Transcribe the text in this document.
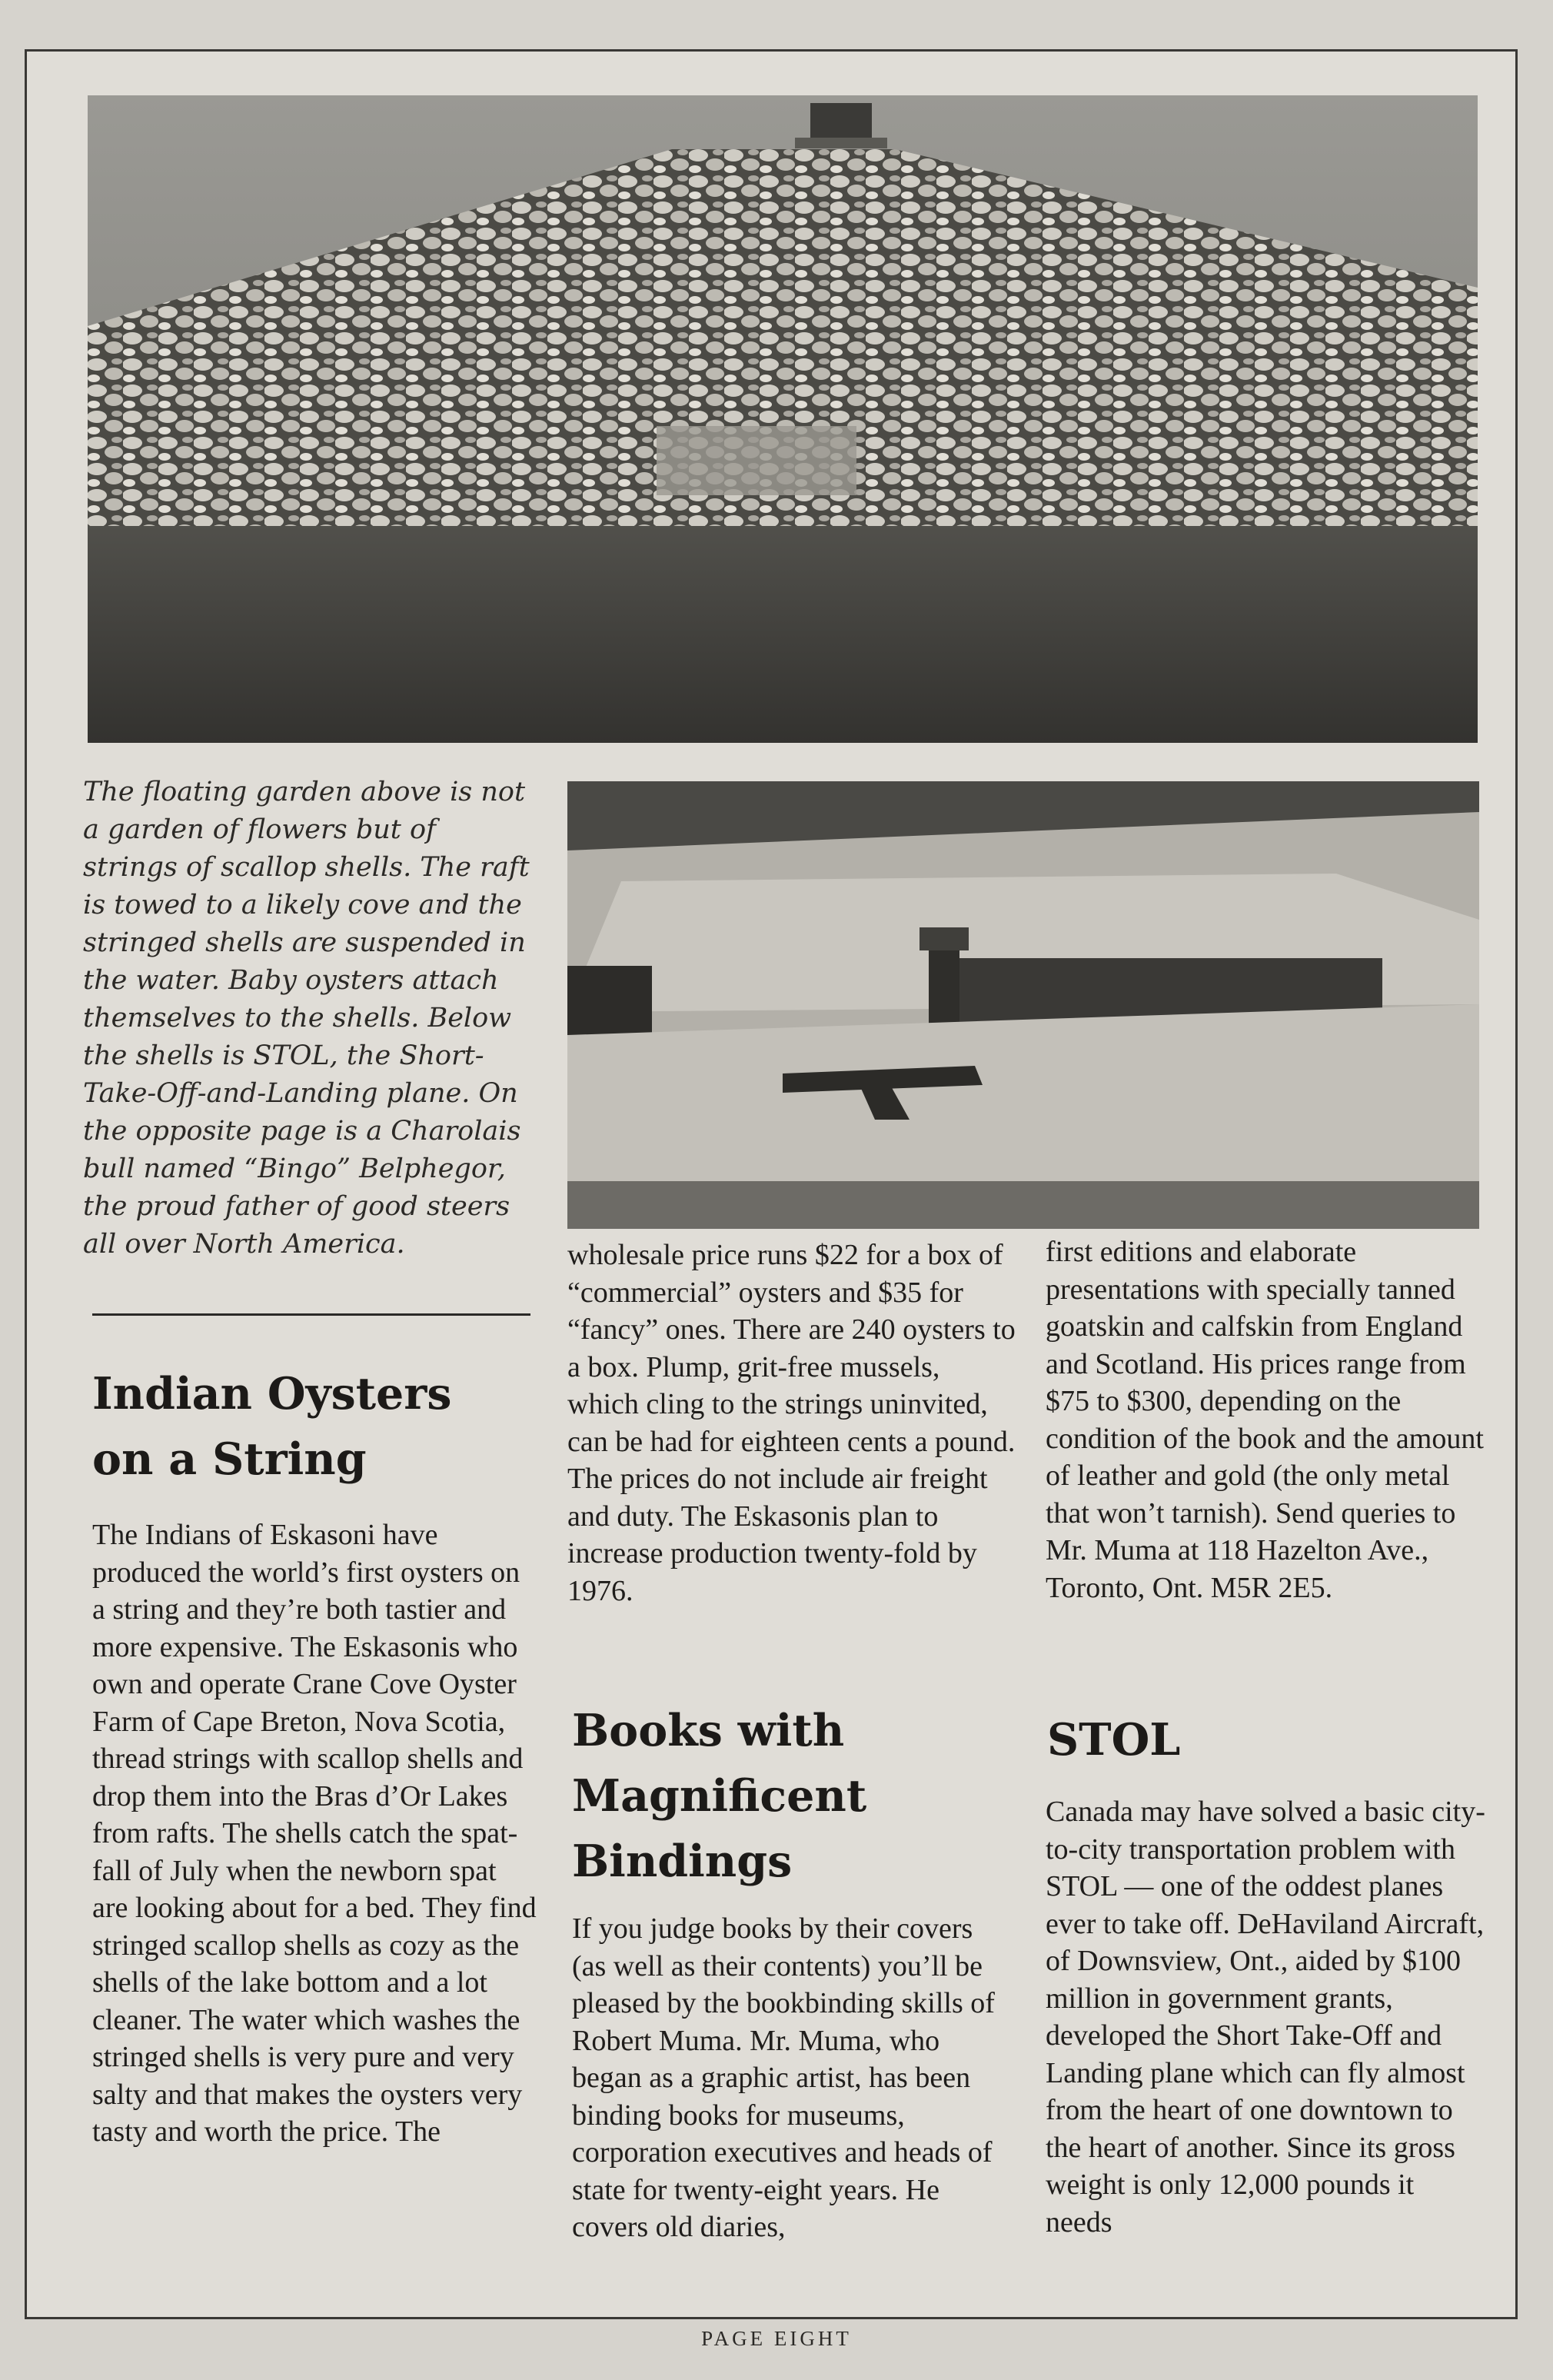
The floating garden above is not a garden of flowers but of strings of scallop shells. The raft is towed to a likely cove and the stringed shells are suspended in the water. Baby oysters attach themselves to the shells. Below the shells is STOL, the Short-Take-Off-and-Landing plane. On the opposite page is a Charolais bull named “Bingo” Belphegor, the proud father of good steers all over North America.

Indian Oysters
on a String

The Indians of Eskasoni have produced the world’s first oysters on a string and they’re both tastier and more expensive. The Eskasonis who own and operate Crane Cove Oyster Farm of Cape Breton, Nova Scotia, thread strings with scallop shells and drop them into the Bras d’Or Lakes from rafts. The shells catch the spat-fall of July when the newborn spat are looking about for a bed. They find stringed scallop shells as cozy as the shells of the lake bottom and a lot cleaner. The water which washes the stringed shells is very pure and very salty and that makes the oysters very tasty and worth the price. The

wholesale price runs $22 for a box of “commercial” oysters and $35 for “fancy” ones. There are 240 oysters to a box. Plump, grit-free mussels, which cling to the strings uninvited, can be had for eighteen cents a pound. The prices do not include air freight and duty. The Eskasonis plan to increase production twenty-fold by 1976.

Books with
Magnificent
Bindings

If you judge books by their covers (as well as their contents) you’ll be pleased by the bookbinding skills of Robert Muma. Mr. Muma, who began as a graphic artist, has been binding books for museums, corporation executives and heads of state for twenty-eight years. He covers old diaries,

first editions and elaborate presentations with specially tanned goatskin and calfskin from England and Scotland. His prices range from $75 to $300, depending on the condition of the book and the amount of leather and gold (the only metal that won’t tarnish). Send queries to Mr. Muma at 118 Hazelton Ave., Toronto, Ont. M5R 2E5.

STOL

Canada may have solved a basic city-to-city transportation problem with STOL — one of the oddest planes ever to take off. DeHaviland Aircraft, of Downsview, Ont., aided by $100 million in government grants, developed the Short Take-Off and Landing plane which can fly almost from the heart of one downtown to the heart of another. Since its gross weight is only 12,000 pounds it needs

PAGE EIGHT
